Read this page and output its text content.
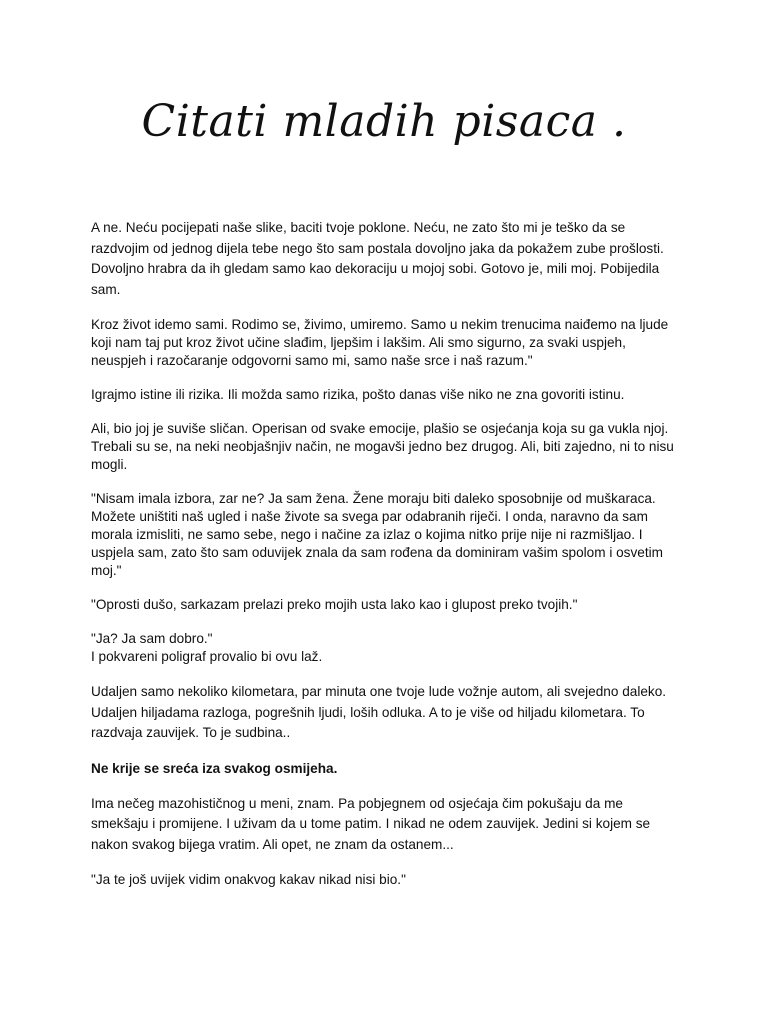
Citati mladih pisaca .

A ne. Neću pocijepati naše slike, baciti tvoje poklone. Neću, ne zato što mi je teško da se razdvojim od jednog dijela tebe nego što sam postala dovoljno jaka da pokažem zube prošlosti. Dovoljno hrabra da ih gledam samo kao dekoraciju u mojoj sobi. Gotovo je, mili moj. Pobijedila sam.

Kroz život idemo sami. Rodimo se, živimo, umiremo. Samo u nekim trenucima naiđemo na ljude koji nam taj put kroz život učine slađim, ljepšim i lakšim. Ali smo sigurno, za svaki uspjeh, neuspjeh i razočaranje odgovorni samo mi, samo naše srce i naš razum."

Igrajmo istine ili rizika. Ili možda samo rizika, pošto danas više niko ne zna govoriti istinu.

Ali, bio joj je suviše sličan. Operisan od svake emocije, plašio se osjećanja koja su ga vukla njoj. Trebali su se, na neki neobjašnjiv način, ne mogavši jedno bez drugog. Ali, biti zajedno, ni to nisu mogli.

"Nisam imala izbora, zar ne? Ja sam žena. Žene moraju biti daleko sposobnije od muškaraca. Možete uništiti naš ugled i naše živote sa svega par odabranih riječi. I onda, naravno da sam morala izmisliti, ne samo sebe, nego i načine za izlaz o kojima nitko prije nije ni razmišljao. I uspjela sam, zato što sam oduvijek znala da sam rođena da dominiram vašim spolom i osvetim moj."

"Oprosti dušo, sarkazam prelazi preko mojih usta lako kao i glupost preko tvojih."

"Ja? Ja sam dobro."

I pokvareni poligraf provalio bi ovu laž.

Udaljen samo nekoliko kilometara, par minuta one tvoje lude vožnje autom, ali svejedno daleko. Udaljen hiljadama razloga, pogrešnih ljudi, loših odluka. A to je više od hiljadu kilometara. To razdvaja zauvijek. To je sudbina..

Ne krije se sreća iza svakog osmijeha.

Ima nečeg mazohističnog u meni, znam. Pa pobjegnem od osjećaja čim pokušaju da me smekšaju i promijene. I uživam da u tome patim. I nikad ne odem zauvijek. Jedini si kojem se nakon svakog bijega vratim. Ali opet, ne znam da ostanem...

"Ja te još uvijek vidim onakvog kakav nikad nisi bio."
